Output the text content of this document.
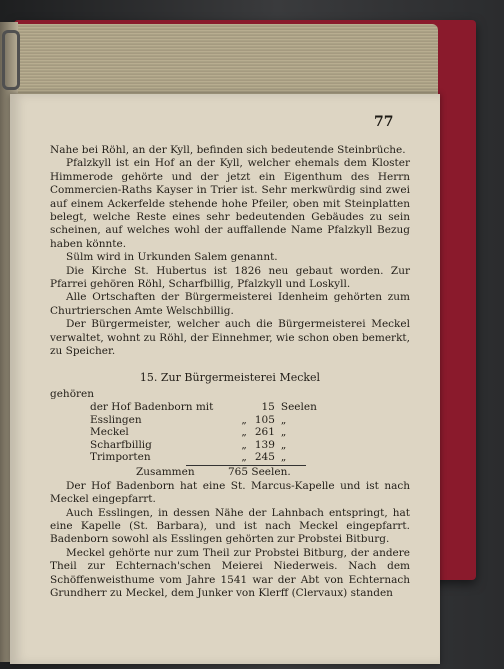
77

Nahe bei Röhl, an der Kyll, befinden sich bedeutende Steinbrüche.

Pfalzkyll ist ein Hof an der Kyll, welcher ehemals dem Kloster Himmerode gehörte und der jetzt ein Eigenthum des Herrn Commercien-Raths Kayser in Trier ist. Sehr merkwürdig sind zwei auf einem Ackerfelde stehende hohe Pfeiler, oben mit Steinplatten belegt, welche Reste eines sehr bedeutenden Gebäudes zu sein scheinen, auf welches wohl der auffallende Name Pfalzkyll Bezug haben könnte.

Sülm wird in Urkunden Salem genannt.

Die Kirche St. Hubertus ist 1826 neu gebaut worden. Zur Pfarrei gehören Röhl, Scharfbillig, Pfalzkyll und Loskyll.

Alle Ortschaften der Bürgermeisterei Idenheim gehörten zum Churtrierschen Amte Welschbillig.

Der Bürgermeister, welcher auch die Bürgermeisterei Meckel verwaltet, wohnt zu Röhl, der Einnehmer, wie schon oben bemerkt, zu Speicher.

15. Zur Bürgermeisterei Meckel

gehören

der Hof Badenborn mit		15	Seelen
Esslingen	„	105	„
Meckel	„	261	„
Scharfbillig	„	139	„
Trimporten	„	245	„
Zusammen	765 Seelen.

Der Hof Badenborn hat eine St. Marcus-Kapelle und ist nach Meckel eingepfarrt.

Auch Esslingen, in dessen Nähe der Lahnbach entspringt, hat eine Kapelle (St. Barbara), und ist nach Meckel eingepfarrt. Badenborn sowohl als Esslingen gehörten zur Probstei Bitburg.

Meckel gehörte nur zum Theil zur Probstei Bitburg, der andere Theil zur Echternach'schen Meierei Niederweis. Nach dem Schöffenweisthume vom Jahre 1541 war der Abt von Echternach Grundherr zu Meckel, dem Junker von Klerff (Clervaux) standen
